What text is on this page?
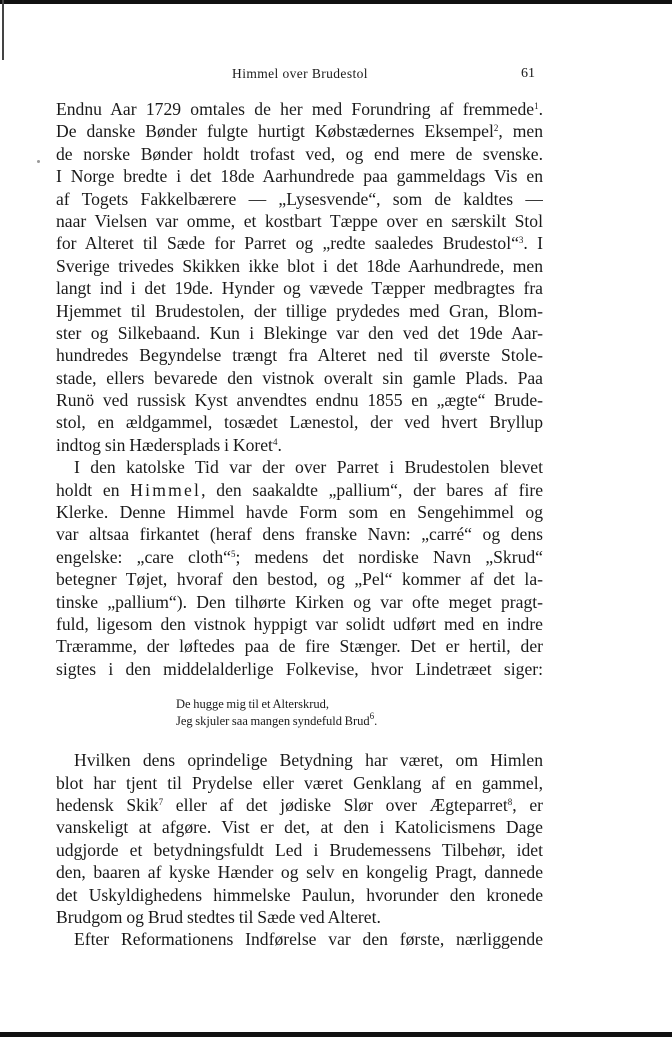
Himmel over Brudestol	61
Endnu Aar 1729 omtales de her med Forundring af fremmede$^1$.
De danske Bønder fulgte hurtigt Købstædernes Eksempel$^2$, men
de norske Bønder holdt trofast ved, og end mere de svenske.
I Norge bredte i det 18de Aarhundrede paa gammeldags Vis en
af Togets Fakkelbærere — „Lysesvende“, som de kaldtes —
naar Vielsen var omme, et kostbart Tæppe over en særskilt Stol
for Alteret til Sæde for Parret og „redte saaledes Brudestol“$^3$. I
Sverige trivedes Skikken ikke blot i det 18de Aarhundrede, men
langt ind i det 19de. Hynder og vævede Tæpper medbragtes fra
Hjemmet til Brudestolen, der tillige prydedes med Gran, Blom-
ster og Silkebaand. Kun i Blekinge var den ved det 19de Aar-
hundredes Begyndelse trængt fra Alteret ned til øverste Stole-
stade, ellers bevarede den vistnok overalt sin gamle Plads. Paa
Runö ved russisk Kyst anvendtes endnu 1855 en „ægte“ Brude-
stol, en ældgammel, tosædet Lænestol, der ved hvert Bryllup
indtog sin Hædersplads i Koret$^4$.
I den katolske Tid var der over Parret i Brudestolen blevet
holdt en Himmel, den saakaldte „pallium“, der bares af fire
Klerke. Denne Himmel havde Form som en Sengehimmel og
var altsaa firkantet (heraf dens franske Navn: „carré“ og dens
engelske: „care cloth“$^5$; medens det nordiske Navn „Skrud“
betegner Tøjet, hvoraf den bestod, og „Pel“ kommer af det la-
tinske „pallium“). Den tilhørte Kirken og var ofte meget pragt-
fuld, ligesom den vistnok hyppigt var solidt udført med en indre
Træramme, der løftedes paa de fire Stænger. Det er hertil, der
sigtes i den middelalderlige Folkevise, hvor Lindetræet siger:
De hugge mig til et Alterskrud,
Jeg skjuler saa mangen syndefuld Brud$^6$.
Hvilken dens oprindelige Betydning har været, om Himlen
blot har tjent til Prydelse eller været Genklang af en gammel,
hedensk Skik$^7$ eller af det jødiske Slør over Ægteparret$^8$, er
vanskeligt at afgøre. Vist er det, at den i Katolicismens Dage
udgjorde et betydningsfuldt Led i Brudemessens Tilbehør, idet
den, baaren af kyske Hænder og selv en kongelig Pragt, dannede
det Uskyldighedens himmelske Paulun, hvorunder den kronede
Brudgom og Brud stedtes til Sæde ved Alteret.
Efter Reformationens Indførelse var den første, nærliggende
